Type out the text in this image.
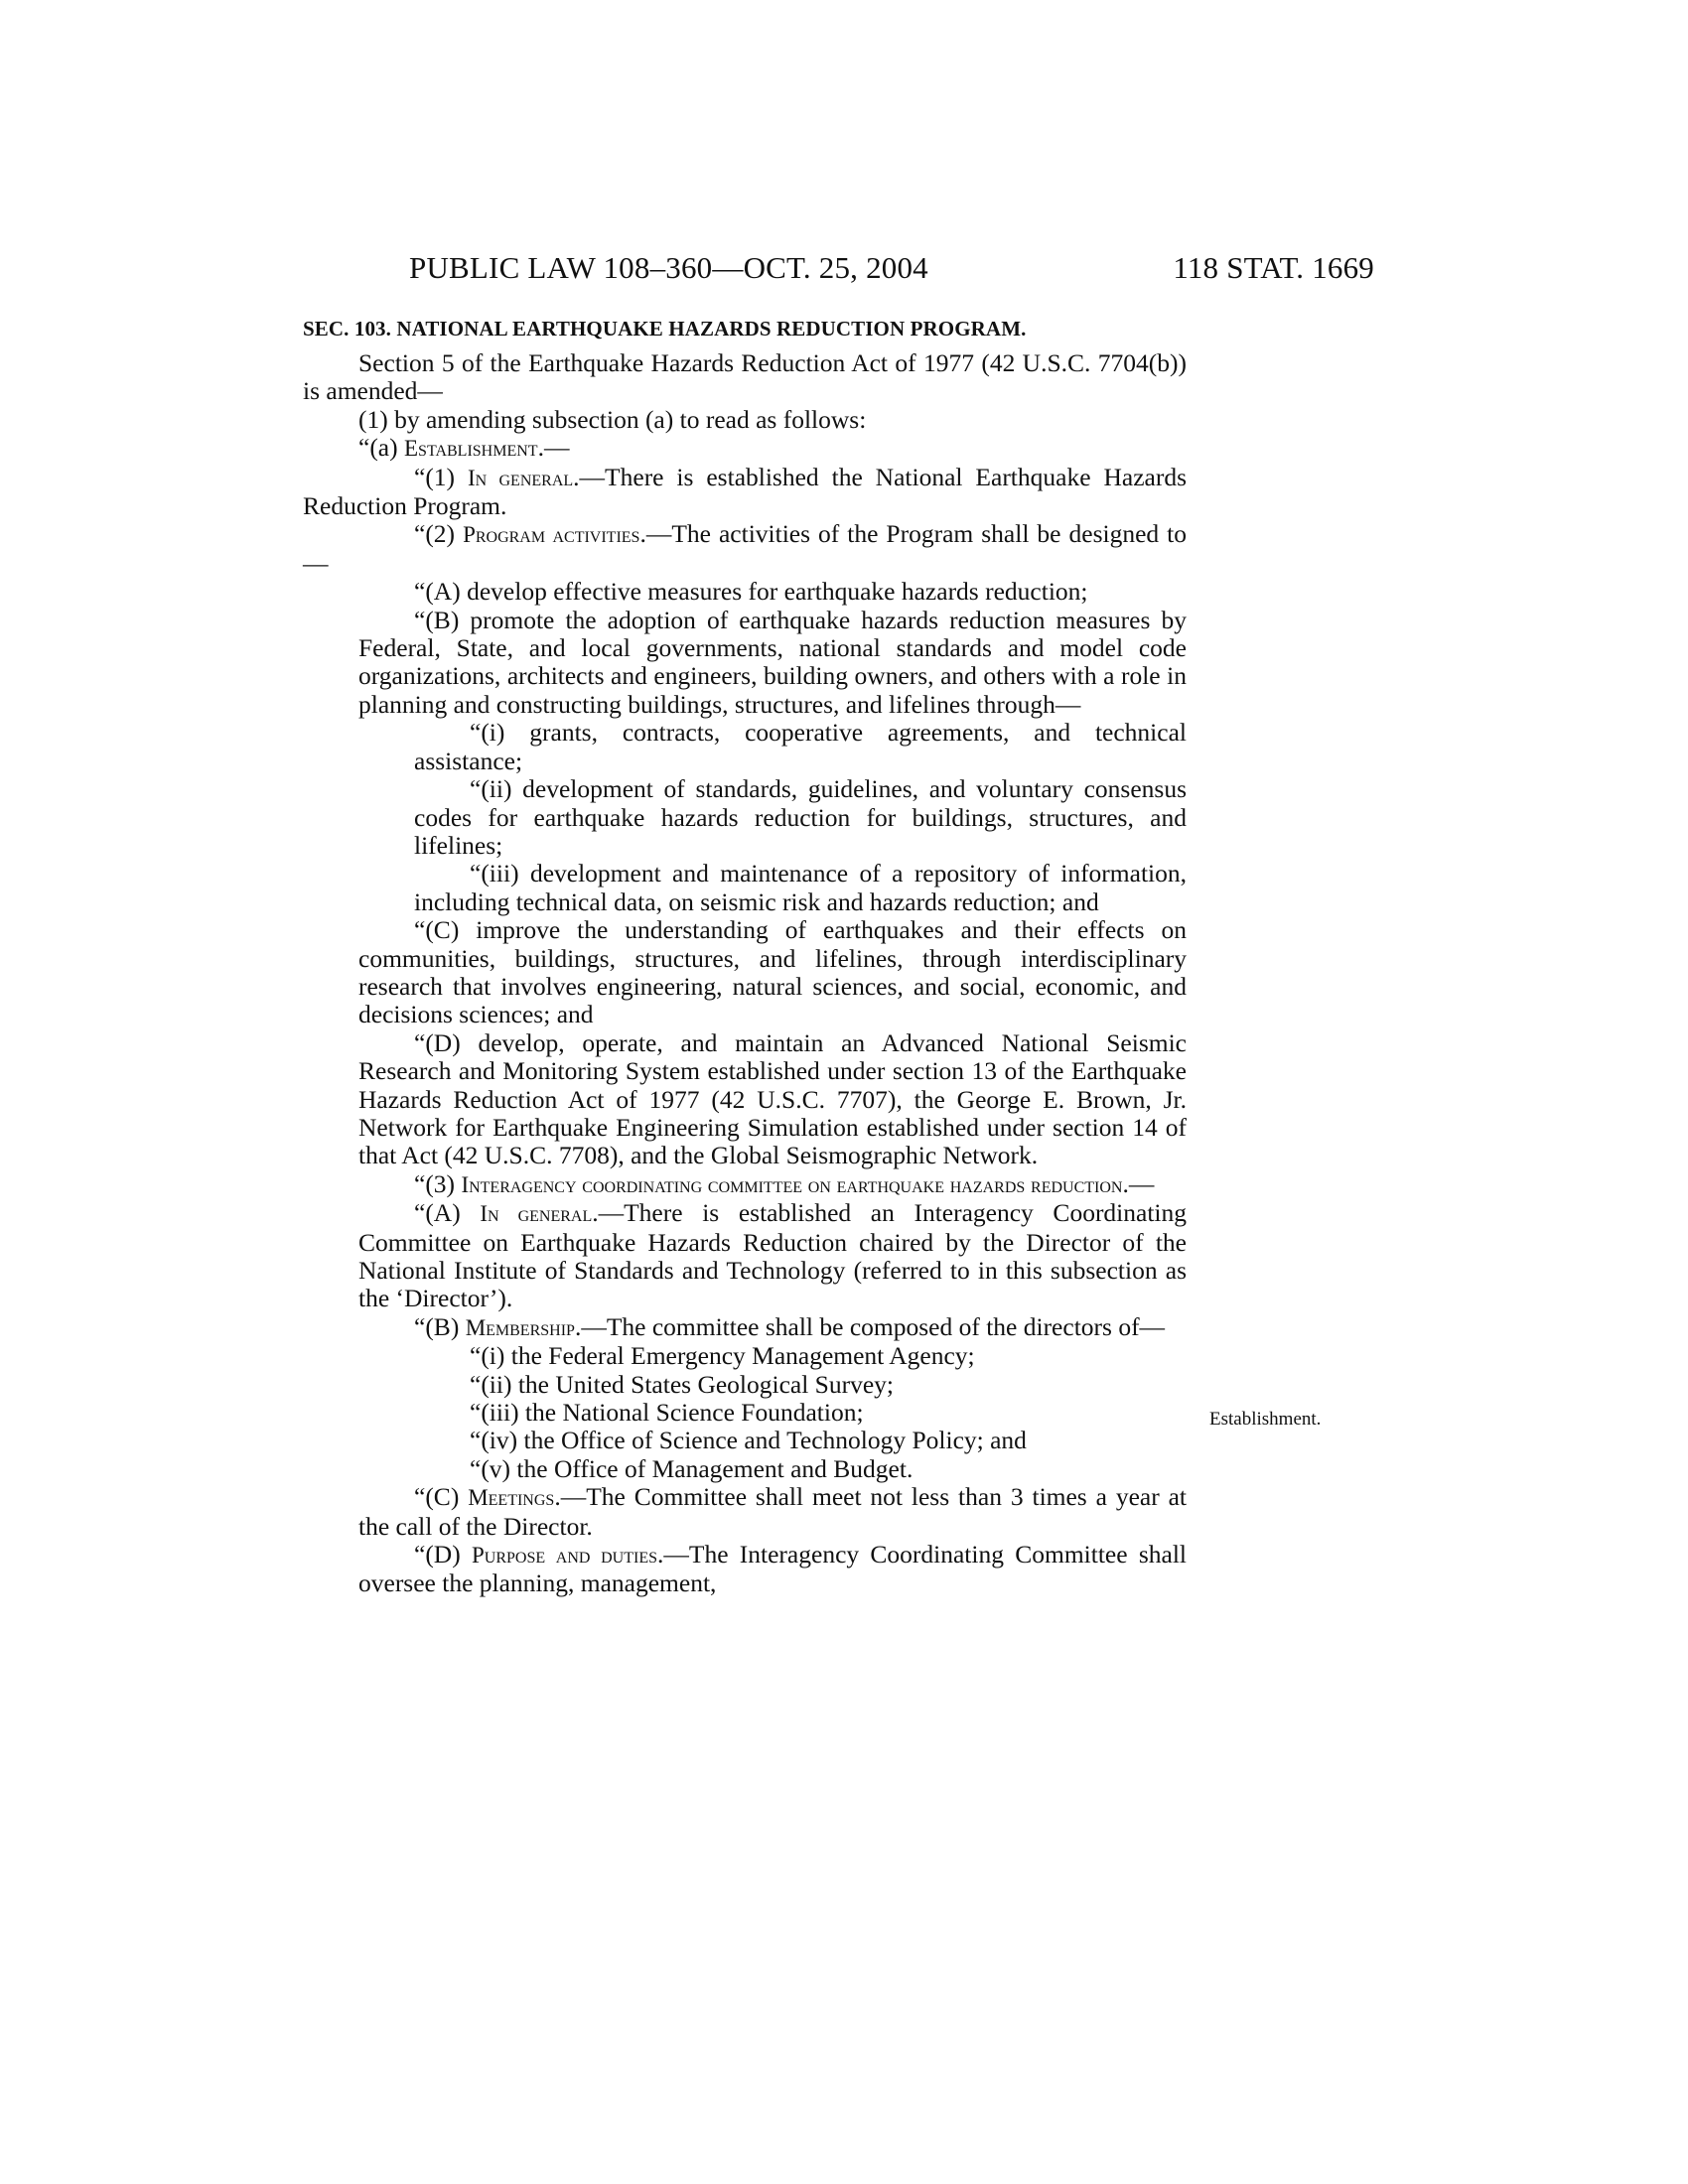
PUBLIC LAW 108–360—OCT. 25, 2004	118 STAT. 1669
SEC. 103. NATIONAL EARTHQUAKE HAZARDS REDUCTION PROGRAM.

Section 5 of the Earthquake Hazards Reduction Act of 1977 (42 U.S.C. 7704(b)) is amended—

(1) by amending subsection (a) to read as follows:

“(a) Establishment.—

“(1) In general.—There is established the National Earthquake Hazards Reduction Program.

“(2) Program activities.—The activities of the Program shall be designed to—

“(A) develop effective measures for earthquake hazards reduction;

“(B) promote the adoption of earthquake hazards reduction measures by Federal, State, and local governments, national standards and model code organizations, architects and engineers, building owners, and others with a role in planning and constructing buildings, structures, and lifelines through—

“(i) grants, contracts, cooperative agreements, and technical assistance;

“(ii) development of standards, guidelines, and voluntary consensus codes for earthquake hazards reduction for buildings, structures, and lifelines;

“(iii) development and maintenance of a repository of information, including technical data, on seismic risk and hazards reduction; and

“(C) improve the understanding of earthquakes and their effects on communities, buildings, structures, and lifelines, through interdisciplinary research that involves engineering, natural sciences, and social, economic, and decisions sciences; and

“(D) develop, operate, and maintain an Advanced National Seismic Research and Monitoring System established under section 13 of the Earthquake Hazards Reduction Act of 1977 (42 U.S.C. 7707), the George E. Brown, Jr. Network for Earthquake Engineering Simulation established under section 14 of that Act (42 U.S.C. 7708), and the Global Seismographic Network.

“(3) Interagency coordinating committee on earthquake hazards reduction.—

“(A) In general.—There is established an Interagency Coordinating Committee on Earthquake Hazards Reduction chaired by the Director of the National Institute of Standards and Technology (referred to in this subsection as the ‘Director’).

“(B) Membership.—The committee shall be composed of the directors of—

“(i) the Federal Emergency Management Agency;

“(ii) the United States Geological Survey;

“(iii) the National Science Foundation;

“(iv) the Office of Science and Technology Policy; and

“(v) the Office of Management and Budget.

“(C) Meetings.—The Committee shall meet not less than 3 times a year at the call of the Director.

“(D) Purpose and duties.—The Interagency Coordinating Committee shall oversee the planning, management,

Establishment.
